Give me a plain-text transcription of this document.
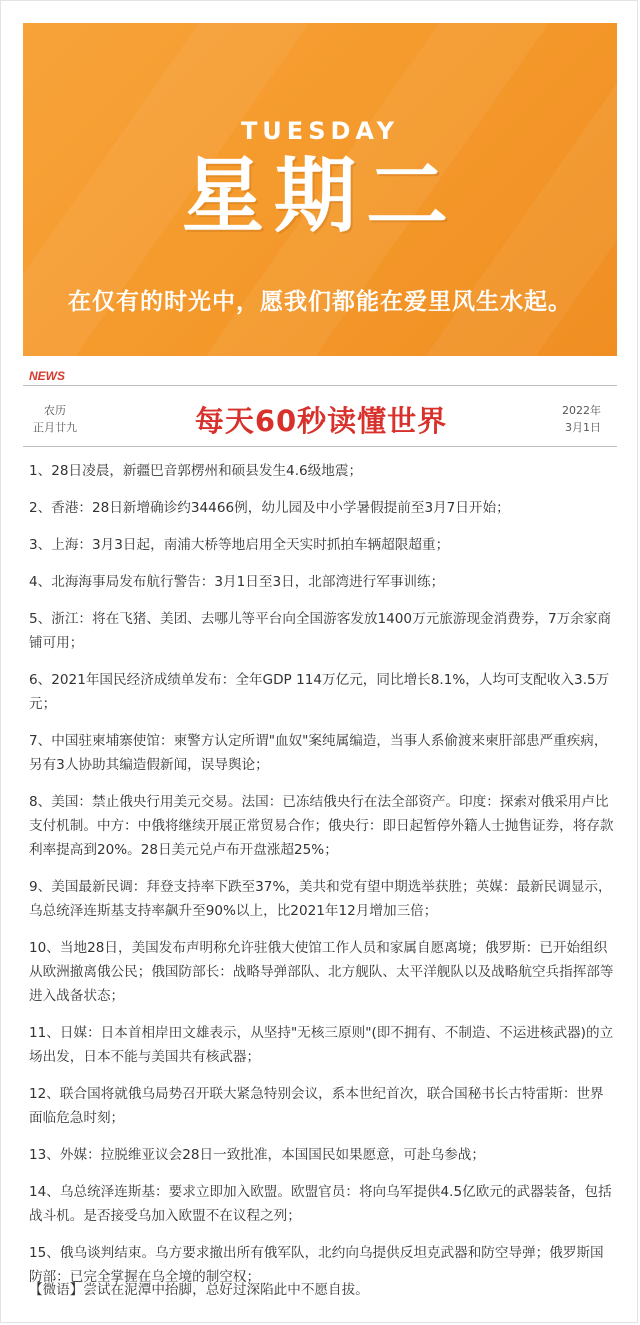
TUESDAY
星期二
在仅有的时光中，愿我们都能在爱里风生水起。
NEWS
农历
正月廿九	每天60秒读懂世界	2022年
3月1日
1、28日凌晨，新疆巴音郭楞州和硕县发生4.6级地震；
2、香港：28日新增确诊约34466例，幼儿园及中小学暑假提前至3月7日开始；
3、上海：3月3日起，南浦大桥等地启用全天实时抓拍车辆超限超重；
4、北海海事局发布航行警告：3月1日至3日，北部湾进行军事训练；
5、浙江：将在飞猪、美团、去哪儿等平台向全国游客发放1400万元旅游现金消费券，7万余家商铺可用；
6、2021年国民经济成绩单发布：全年GDP 114万亿元，同比增长8.1%，人均可支配收入3.5万元；
7、中国驻柬埔寨使馆：柬警方认定所谓"血奴"案纯属编造，当事人系偷渡来柬肝部患严重疾病，另有3人协助其编造假新闻，误导舆论；
8、美国：禁止俄央行用美元交易。法国：已冻结俄央行在法全部资产。印度：探索对俄采用卢比支付机制。中方：中俄将继续开展正常贸易合作；俄央行：即日起暂停外籍人士抛售证券，将存款利率提高到20%。28日美元兑卢布开盘涨超25%；
9、美国最新民调：拜登支持率下跌至37%，美共和党有望中期选举获胜；英媒：最新民调显示，乌总统泽连斯基支持率飙升至90%以上，比2021年12月增加三倍；
10、当地28日，美国发布声明称允许驻俄大使馆工作人员和家属自愿离境；俄罗斯：已开始组织从欧洲撤离俄公民；俄国防部长：战略导弹部队、北方舰队、太平洋舰队以及战略航空兵指挥部等进入战备状态；
11、日媒：日本首相岸田文雄表示，从坚持"无核三原则"(即不拥有、不制造、不运进核武器)的立场出发，日本不能与美国共有核武器；
12、联合国将就俄乌局势召开联大紧急特别会议，系本世纪首次，联合国秘书长古特雷斯：世界面临危急时刻；
13、外媒：拉脱维亚议会28日一致批准，本国国民如果愿意，可赴乌参战；
14、乌总统泽连斯基：要求立即加入欧盟。欧盟官员：将向乌军提供4.5亿欧元的武器装备，包括战斗机。是否接受乌加入欧盟不在议程之列；
15、俄乌谈判结束。乌方要求撤出所有俄军队，北约向乌提供反坦克武器和防空导弹；俄罗斯国防部：已完全掌握在乌全境的制空权；
【微语】尝试在泥潭中抬脚，总好过深陷此中不愿自拔。
